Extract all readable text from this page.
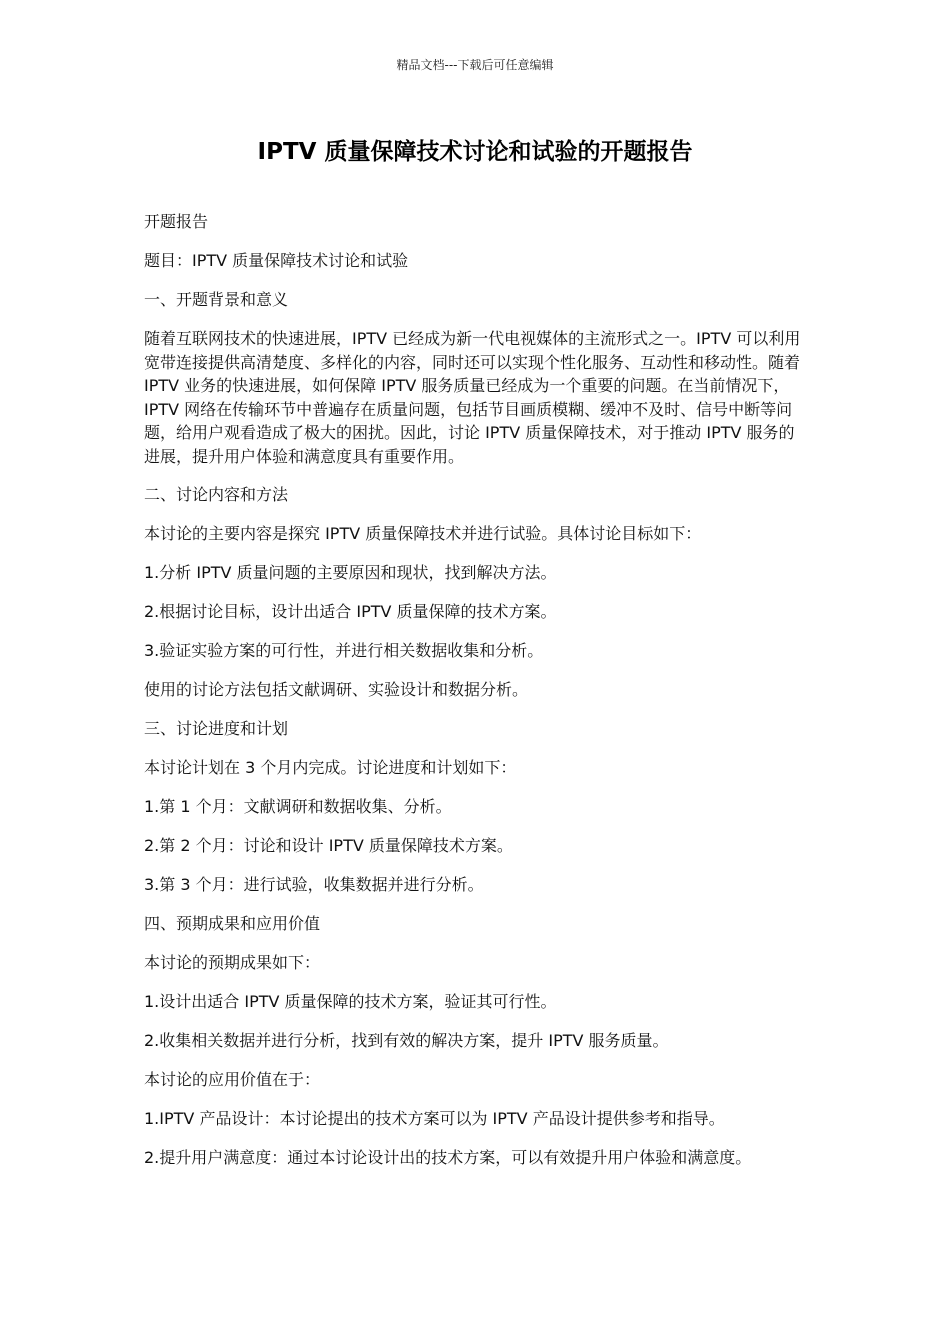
精品文档---下载后可任意编辑
IPTV 质量保障技术讨论和试验的开题报告

开题报告

题目：IPTV 质量保障技术讨论和试验

一、开题背景和意义

随着互联网技术的快速进展，IPTV 已经成为新一代电视媒体的主流形式之一。IPTV 可以利用宽带连接提供高清楚度、多样化的内容，同时还可以实现个性化服务、互动性和移动性。随着 IPTV 业务的快速进展，如何保障 IPTV 服务质量已经成为一个重要的问题。在当前情况下，IPTV 网络在传输环节中普遍存在质量问题，包括节目画质模糊、缓冲不及时、信号中断等问题，给用户观看造成了极大的困扰。因此，讨论 IPTV 质量保障技术，对于推动 IPTV 服务的进展，提升用户体验和满意度具有重要作用。

二、讨论内容和方法

本讨论的主要内容是探究 IPTV 质量保障技术并进行试验。具体讨论目标如下：

1.分析 IPTV 质量问题的主要原因和现状，找到解决方法。

2.根据讨论目标，设计出适合 IPTV 质量保障的技术方案。

3.验证实验方案的可行性，并进行相关数据收集和分析。

使用的讨论方法包括文献调研、实验设计和数据分析。

三、讨论进度和计划

本讨论计划在 3 个月内完成。讨论进度和计划如下：

1.第 1 个月：文献调研和数据收集、分析。

2.第 2 个月：讨论和设计 IPTV 质量保障技术方案。

3.第 3 个月：进行试验，收集数据并进行分析。

四、预期成果和应用价值

本讨论的预期成果如下：

1.设计出适合 IPTV 质量保障的技术方案，验证其可行性。

2.收集相关数据并进行分析，找到有效的解决方案，提升 IPTV 服务质量。

本讨论的应用价值在于：

1.IPTV 产品设计：本讨论提出的技术方案可以为 IPTV 产品设计提供参考和指导。

2.提升用户满意度：通过本讨论设计出的技术方案，可以有效提升用户体验和满意度。
